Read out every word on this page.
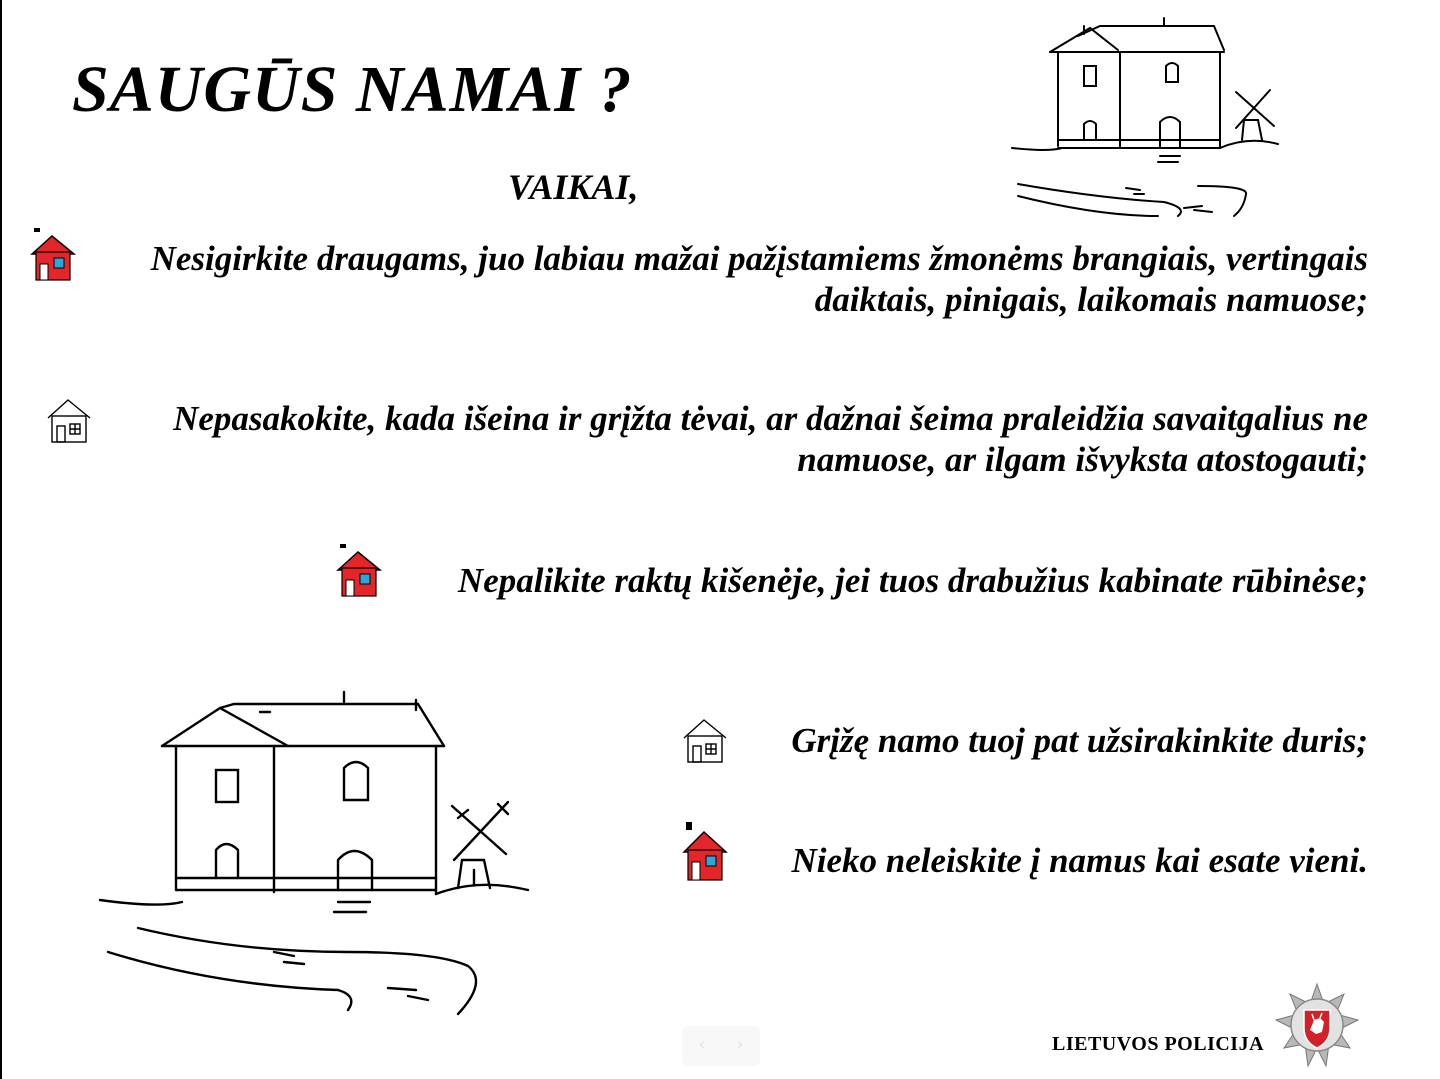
SAUGŪS NAMAI ?
VAIKAI,
Nesigirkite draugams, juo labiau mažai pažįstamiems žmonėms brangiais, vertingais daiktais, pinigais, laikomais namuose;
Nepasakokite, kada išeina ir grįžta tėvai, ar dažnai šeima praleidžia savaitgalius ne namuose, ar ilgam išvyksta atostogauti;
Nepalikite raktų kišenėje, jei tuos drabužius kabinate rūbinėse;
Grįžę namo tuoj pat užsirakinkite duris;
Nieko neleiskite į namus kai esate vieni.
‹	›	LIETUVOS POLICIJA
